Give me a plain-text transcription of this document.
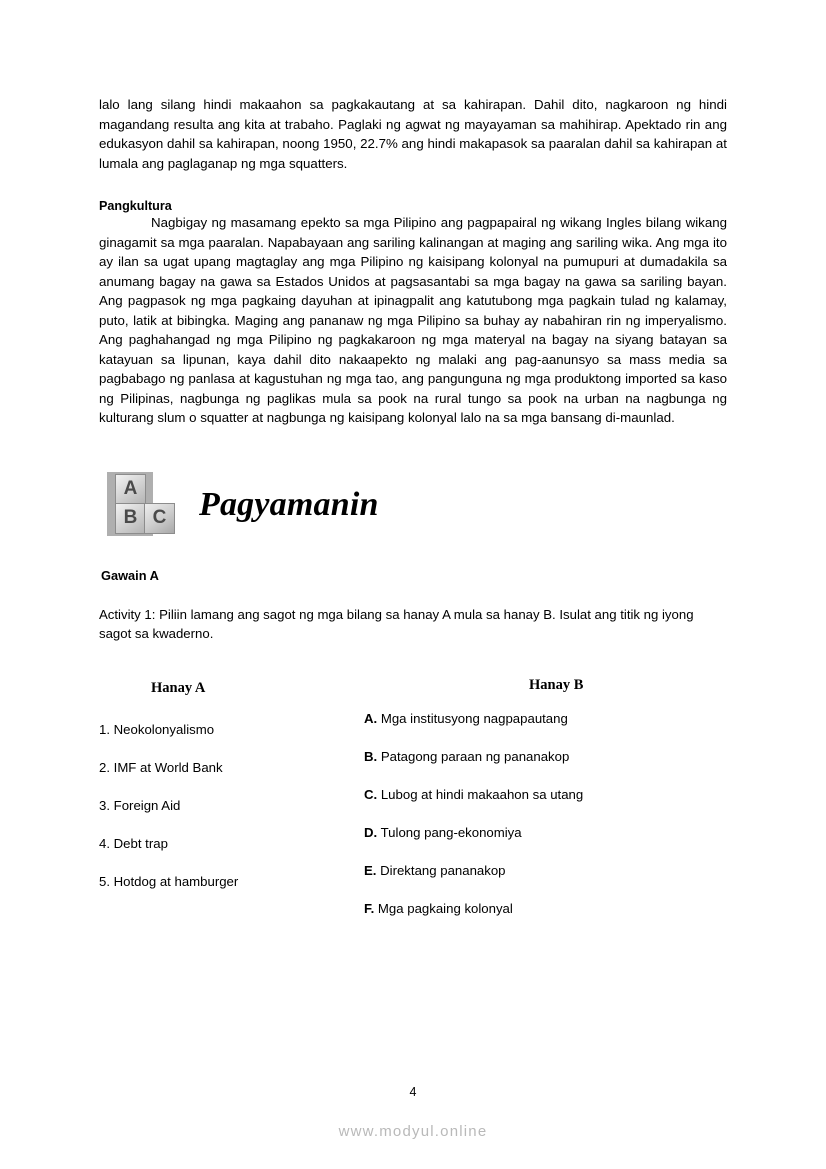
lalo lang silang hindi makaahon sa pagkakautang at sa kahirapan. Dahil dito, nagkaroon ng hindi magandang resulta ang kita at trabaho. Paglaki ng agwat ng mayayaman sa mahihirap. Apektado rin ang edukasyon dahil sa kahirapan, noong 1950, 22.7% ang hindi makapasok sa paaralan dahil sa kahirapan at lumala ang paglaganap ng mga squatters.

Pangkultura

Nagbigay ng masamang epekto sa mga Pilipino ang pagpapairal ng wikang Ingles bilang wikang ginagamit sa mga paaralan. Napabayaan ang sariling kalinangan at maging ang sariling wika. Ang mga ito ay ilan sa ugat upang magtaglay ang mga Pilipino ng kaisipang kolonyal na pumupuri at dumadakila sa anumang bagay na gawa sa Estados Unidos at pagsasantabi sa mga bagay na gawa sa sariling bayan. Ang pagpasok ng mga pagkaing dayuhan at ipinagpalit ang katutubong mga pagkain tulad ng kalamay, puto, latik at bibingka. Maging ang pananaw ng mga Pilipino sa buhay ay nabahiran rin ng imperyalismo. Ang paghahangad ng mga Pilipino ng pagkakaroon ng mga materyal na bagay na siyang batayan sa katayuan sa lipunan, kaya dahil dito nakaapekto ng malaki ang pag-aanunsyo sa mass media sa pagbabago ng panlasa at kagustuhan ng mga tao, ang pangunguna ng mga produktong imported sa kaso ng Pilipinas, nagbunga ng paglikas mula sa pook na rural tungo sa pook na urban na nagbunga ng kulturang slum o squatter at nagbunga ng kaisipang kolonyal lalo na sa mga bansang di-maunlad.

A
B C Pagyamanin
Gawain A
Activity 1: Piliin lamang ang sagot ng mga bilang sa hanay A mula sa hanay B. Isulat ang titik ng iyong sagot sa kwaderno.
Hanay A	Hanay B
1. Neokolonyalismo
2. IMF at World Bank
3. Foreign Aid
4. Debt trap
5. Hotdog at hamburger
A. Mga institusyong nagpapautang
B. Patagong paraan ng pananakop
C. Lubog at hindi makaahon sa utang
D. Tulong pang-ekonomiya
E. Direktang pananakop
F. Mga pagkaing kolonyal
4
www.modyul.online
